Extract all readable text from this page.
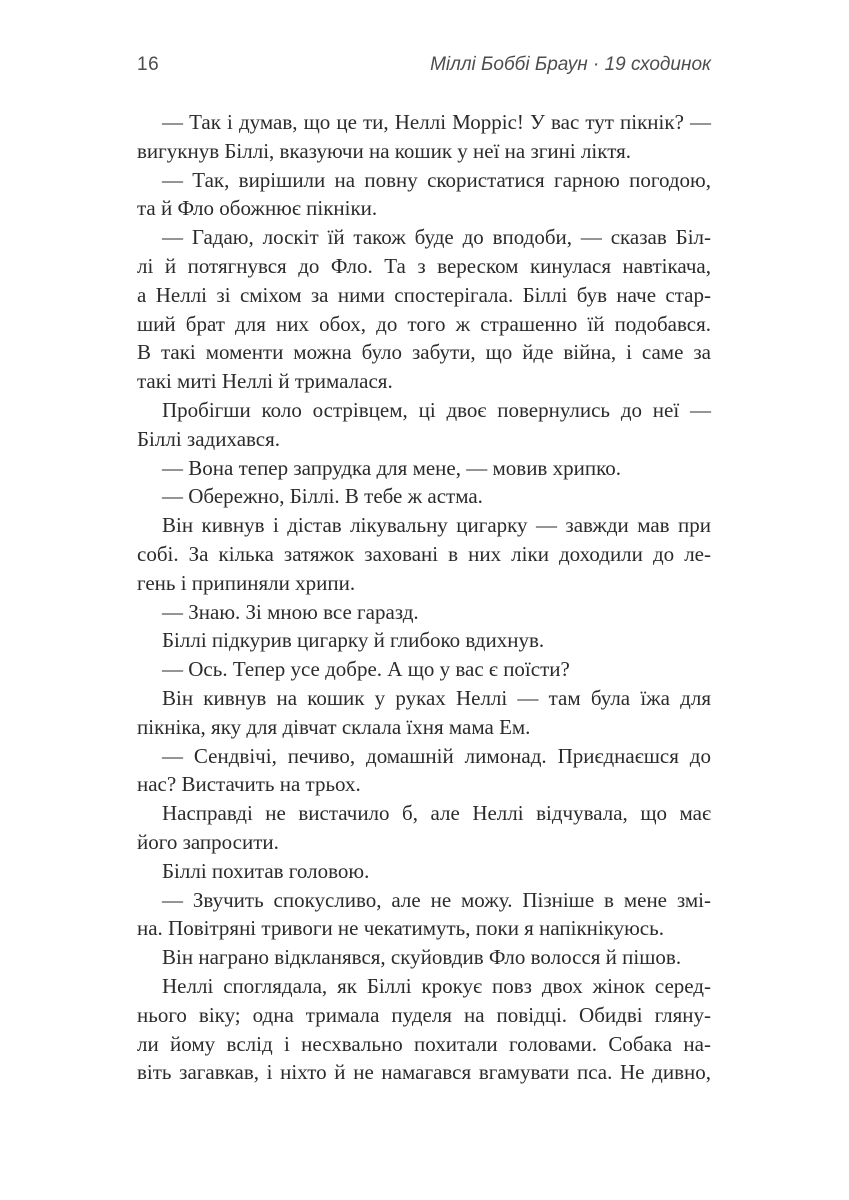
16	Міллі Боббі Браун · 19 сходинок
— Так і думав, що це ти, Неллі Морріс! У вас тут пікнік? —
вигукнув Біллі, вказуючи на кошик у неї на згині ліктя.
— Так, вирішили на повну скористатися гарною погодою,
та й Фло обожнює пікніки.
— Гадаю, лоскіт їй також буде до вподоби, — сказав Біл-
лі й потягнувся до Фло. Та з вереском кинулася навтікача,
а Неллі зі сміхом за ними спостерігала. Біллі був наче стар-
ший брат для них обох, до того ж страшенно їй подобався.
В такі моменти можна було забути, що йде війна, і саме за
такі миті Неллі й трималася.
Пробігши коло острівцем, ці двоє повернулись до неї —
Біллі задихався.
— Вона тепер запрудка для мене, — мовив хрипко.
— Обережно, Біллі. В тебе ж астма.
Він кивнув і дістав лікувальну цигарку — завжди мав при
собі. За кілька затяжок заховані в них ліки доходили до ле-
гень і припиняли хрипи.
— Знаю. Зі мною все гаразд.
Біллі підкурив цигарку й глибоко вдихнув.
— Ось. Тепер усе добре. А що у вас є поїсти?
Він кивнув на кошик у руках Неллі — там була їжа для
пікніка, яку для дівчат склала їхня мама Ем.
— Сендвічі, печиво, домашній лимонад. Приєднаєшся до
нас? Вистачить на трьох.
Насправді не вистачило б, але Неллі відчувала, що має
його запросити.
Біллі похитав головою.
— Звучить спокусливо, але не можу. Пізніше в мене змі-
на. Повітряні тривоги не чекатимуть, поки я напікнікуюсь.
Він награно відкланявся, скуйовдив Фло волосся й пішов.
Неллі споглядала, як Біллі крокує повз двох жінок серед-
нього віку; одна тримала пуделя на повідці. Обидві гляну-
ли йому вслід і несхвально похитали головами. Собака на-
віть загавкав, і ніхто й не намагався вгамувати пса. Не дивно,
